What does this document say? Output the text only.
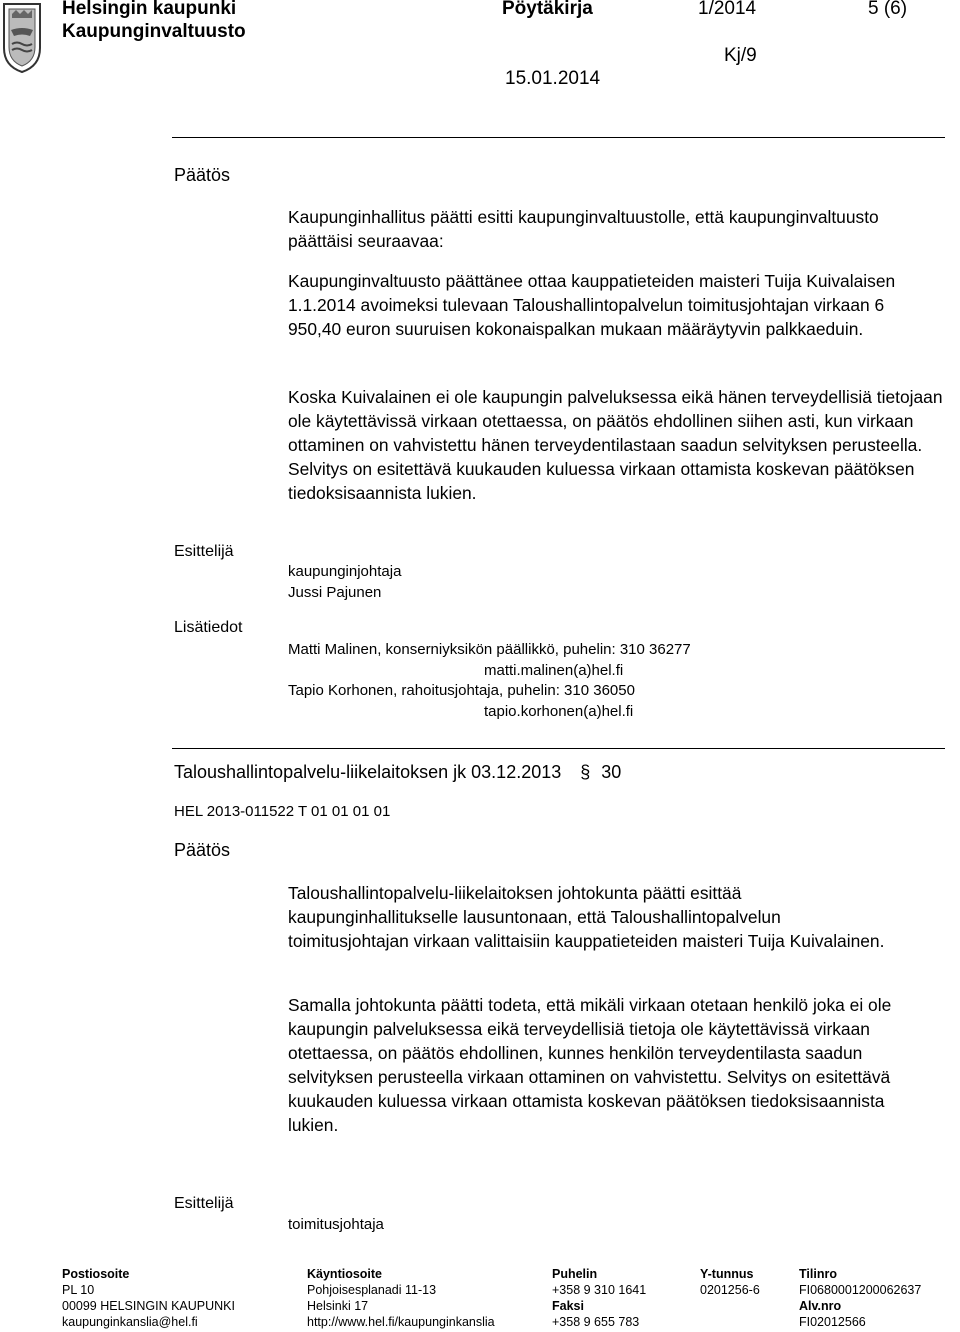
Helsingin kaupunki
Kaupunginvaltuusto
Pöytäkirja	1/2014	5 (6)
Kj/9
15.01.2014
Päätös
Kaupunginhallitus päätti esitti kaupunginvaltuustolle, että kaupunginvaltuusto päättäisi seuraavaa:
Kaupunginvaltuusto päättänee ottaa kauppatieteiden maisteri Tuija Kuivalaisen 1.1.2014 avoimeksi tulevaan Taloushallintopalvelun toimitusjohtajan virkaan 6 950,40 euron suuruisen kokonaispalkan mukaan määräytyvin palkkaeduin.
Koska Kuivalainen ei ole kaupungin palveluksessa eikä hänen terveydellisiä tietojaan ole käytettävissä virkaan otettaessa, on päätös ehdollinen siihen asti, kun virkaan ottaminen on vahvistettu hänen terveydentilastaan saadun selvityksen perusteella. Selvitys on esitettävä kuukauden kuluessa virkaan ottamista koskevan päätöksen tiedoksisaannista lukien.
Esittelijä
kaupunginjohtaja
Jussi Pajunen
Lisätiedot
Matti Malinen, konserniyksikön päällikkö, puhelin: 310 36277
matti.malinen(a)hel.fi
Tapio Korhonen, rahoitusjohtaja, puhelin: 310 36050
tapio.korhonen(a)hel.fi
Taloushallintopalvelu-liikelaitoksen jk 03.12.2013 § 30
HEL 2013-011522 T 01 01 01 01
Päätös
Taloushallintopalvelu-liikelaitoksen johtokunta päätti esittää kaupunginhallitukselle lausuntonaan, että Taloushallintopalvelun toimitusjohtajan virkaan valittaisiin kauppatieteiden maisteri Tuija Kuivalainen.
Samalla johtokunta päätti todeta, että mikäli virkaan otetaan henkilö joka ei ole kaupungin palveluksessa eikä terveydellisiä tietoja ole käytettävissä virkaan otettaessa, on päätös ehdollinen, kunnes henkilön terveydentilasta saadun selvityksen perusteella virkaan ottaminen on vahvistettu. Selvitys on esitettävä kuukauden kuluessa virkaan ottamista koskevan päätöksen tiedoksisaannista lukien.
Esittelijä
toimitusjohtaja
Postiosoite
PL 10
00099 HELSINGIN KAUPUNKI
kaupunginkanslia@hel.fi
Käyntiosoite
Pohjoisesplanadi 11-13
Helsinki 17
http://www.hel.fi/kaupunginkanslia
Puhelin
+358 9 310 1641
Faksi
+358 9 655 783
Y-tunnus
0201256-6
Tilinro
FI0680001200062637
Alv.nro
FI02012566
